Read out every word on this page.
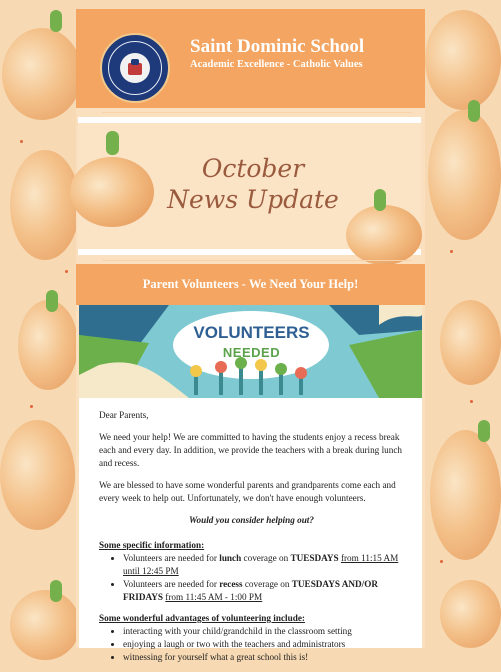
Saint Dominic School

Academic Excellence - Catholic Values

October
News Update
Parent Volunteers - We Need Your Help!

VOLUNTEERS

NEEDED

Dear Parents,

We need your help! We are committed to having the students enjoy a recess break each and every day. In addition, we provide the teachers with a break during lunch and recess.

We are blessed to have some wonderful parents and grandparents come each and every week to help out. Unfortunately, we don't have enough volunteers.

Would you consider helping out?

Some specific information:
• Volunteers are needed for lunch coverage on TUESDAYS from 11:15 AM until 12:45 PM
• Volunteers are needed for recess coverage on TUESDAYS AND/OR FRIDAYS from 11:45 AM - 1:00 PM
Some wonderful advantages of volunteering include:
• interacting with your child/grandchild in the classroom setting
• enjoying a laugh or two with the teachers and administrators
• witnessing for yourself what a great school this is!
